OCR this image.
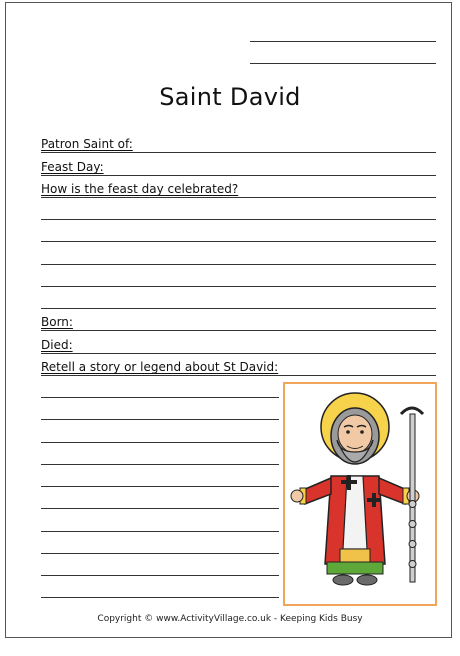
Saint David
Patron Saint of:
Feast Day:
How is the feast day celebrated?
Born:
Died:
Retell a story or legend about St David:
Copyright © www.ActivityVillage.co.uk - Keeping Kids Busy
